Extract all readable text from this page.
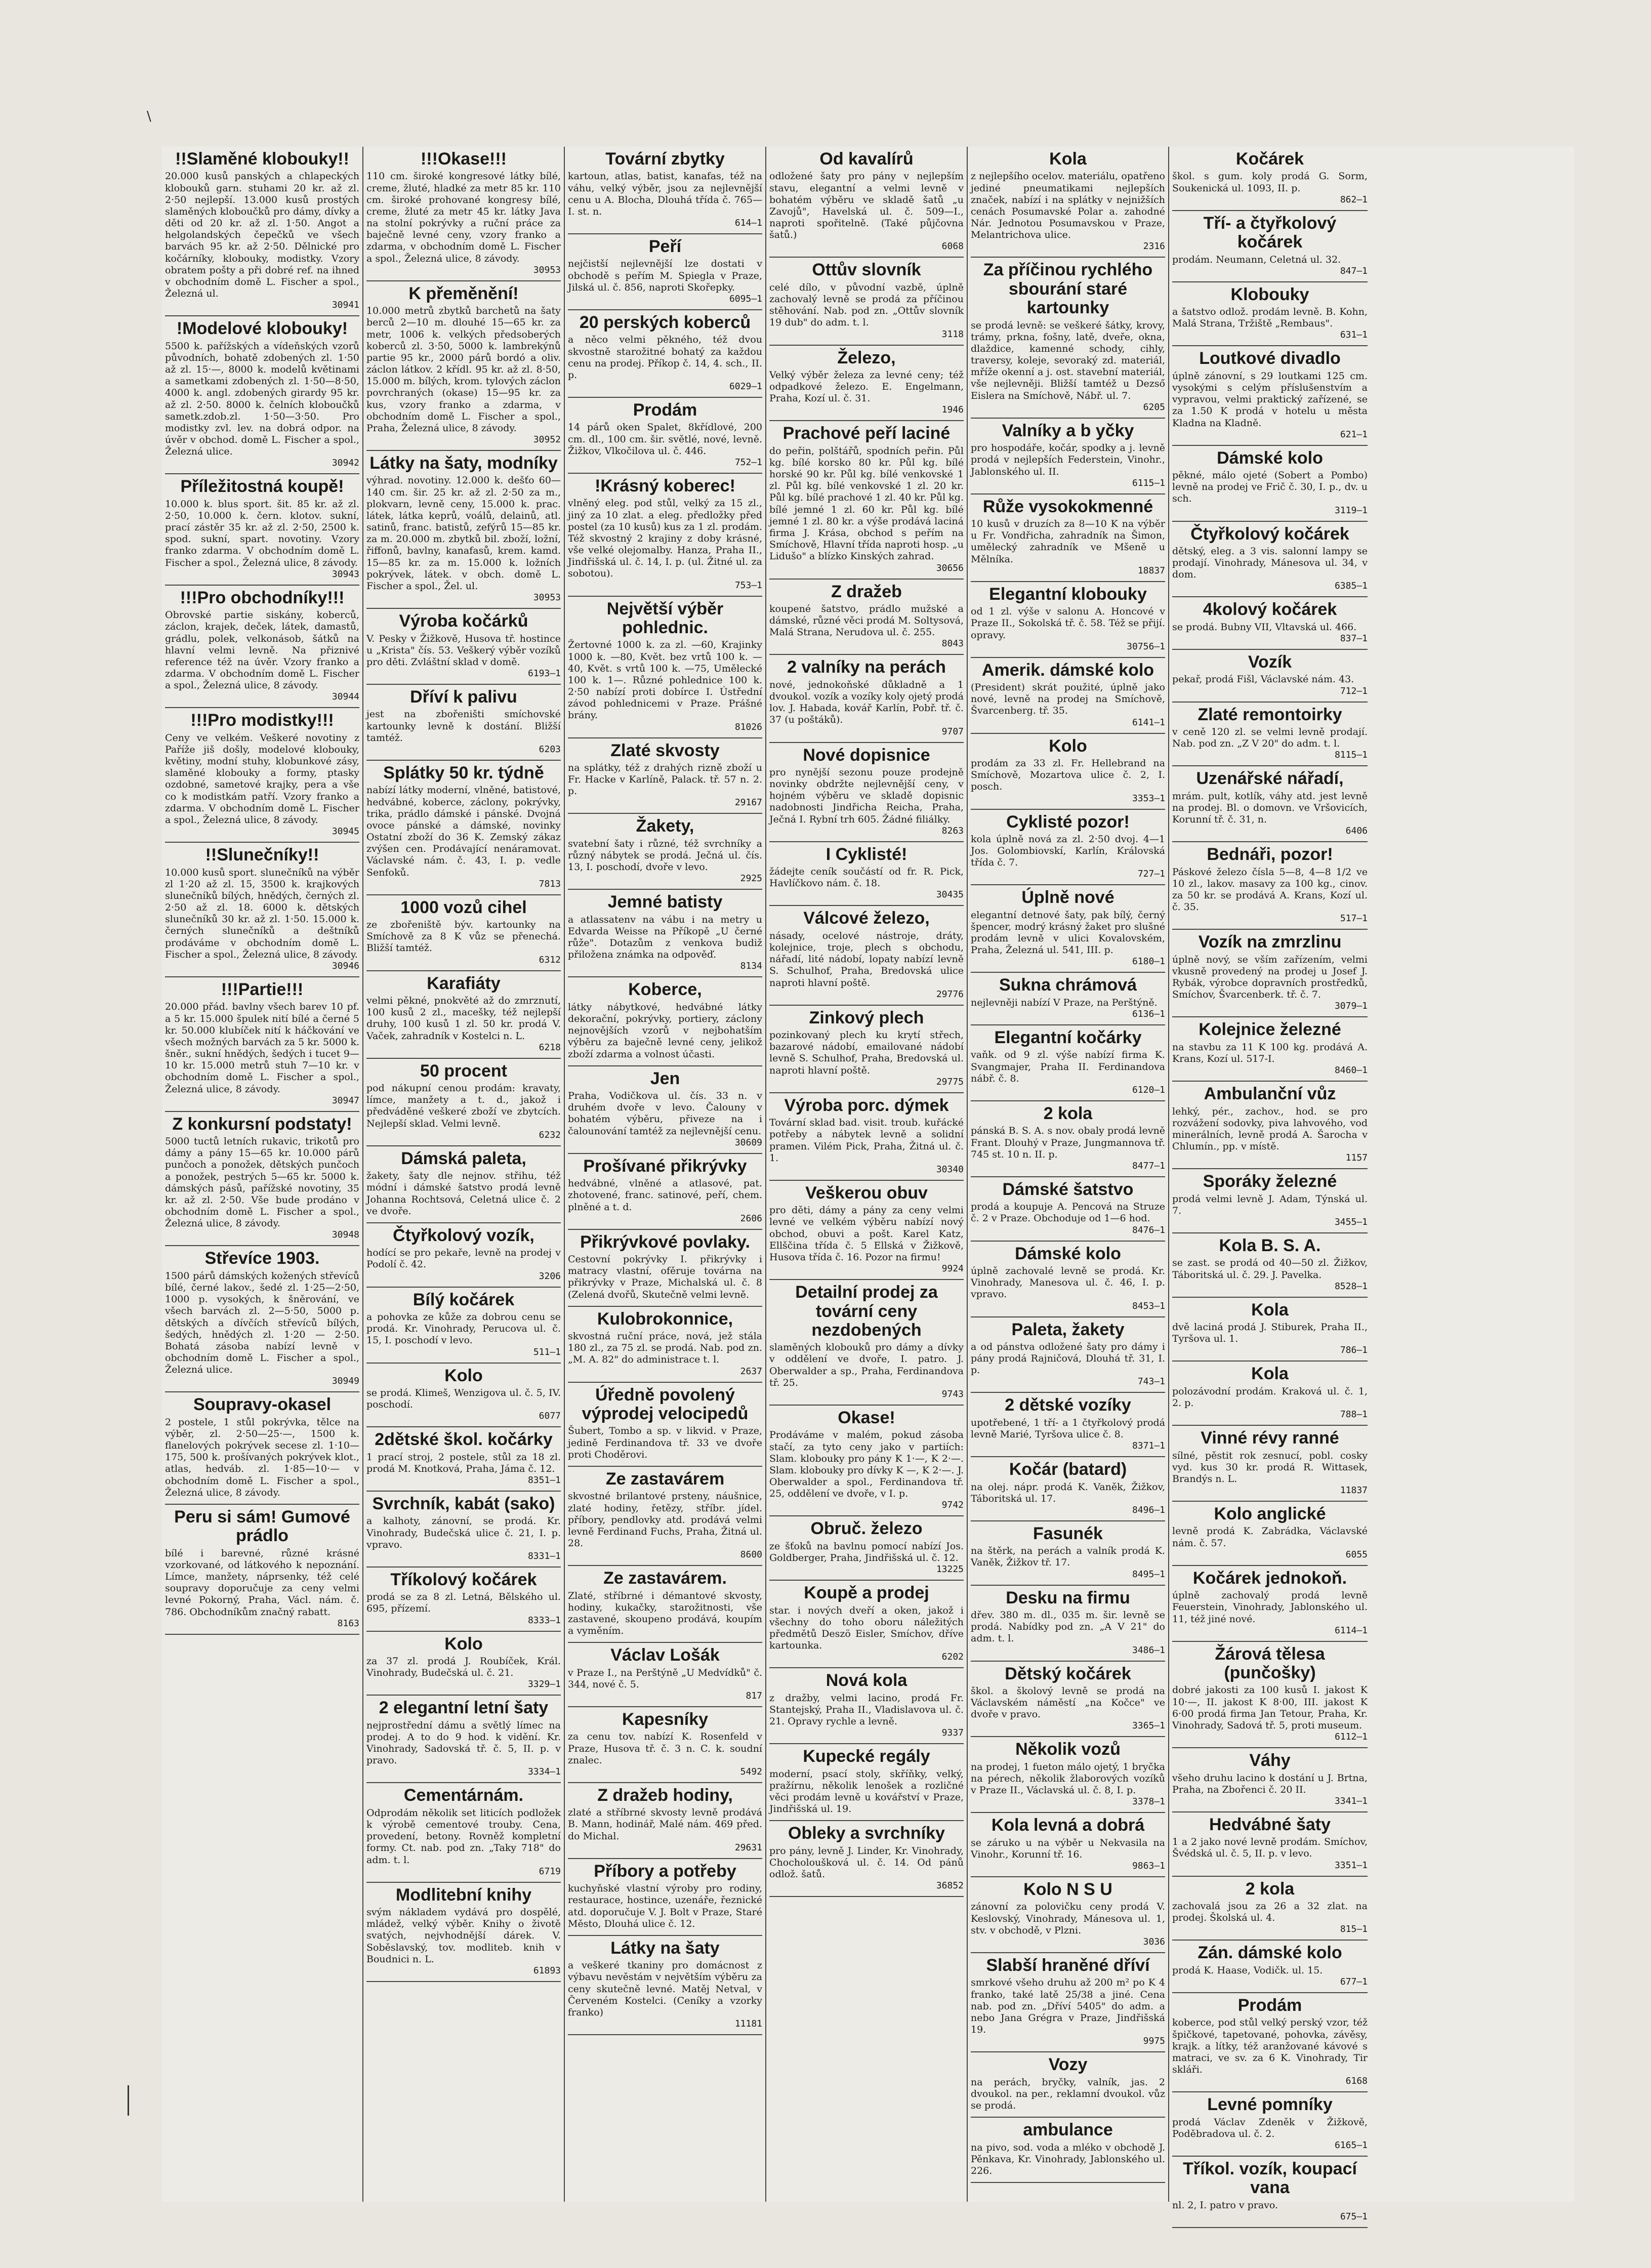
\
!!Slaměné klobouky!!

20.000 kusů panských a chlapeckých klobouků garn. stuhami 20 kr. až zl. 2·50 nejlepší. 13.000 kusů prostých slaměných kloboučků pro dámy, dívky a děti od 20 kr. až zl. 1·50. Angot a helgolandských čepečků ve všech barvách 95 kr. až 2·50. Dělnické pro kočárníky, klobouky, modistky. Vzory obratem pošty a při dobré ref. na ihned v obchodním domě L. Fischer a spol., Železná ul.

30941
!Modelové klobouky!

5500 k. pařížských a vídeňských vzorů původních, bohatě zdobených zl. 1·50 až zl. 15·—, 8000 k. modelů květinami a sametkami zdobených zl. 1·50—8·50, 4000 k. angl. zdobených girardy 95 kr. až zl. 2·50. 8000 k. čelních kloboučků sametk.zdob.zl. 1·50—3·50. Pro modistky zvl. lev. na dobrá odpor. na úvěr v obchod. domě L. Fischer a spol., Železná ulice.

30942
Příležitostná koupě!

10.000 k. blus sport. šit. 85 kr. až zl. 2·50, 10.000 k. čern. klotov. sukní, prací zástěr 35 kr. až zl. 2·50, 2500 k. spod. sukní, spart. novotiny. Vzory franko zdarma. V obchodním domě L. Fischer a spol., Železná ulice, 8 závody.

30943
!!!Pro obchodníky!!!

Obrovské partie siskány, koberců, záclon, krajek, deček, látek, damastů, grádlu, polek, velkonásob, šátků na hlavní velmi levně. Na přiznivé reference též na úvěr. Vzory franko a zdarma. V obchodním domě L. Fischer a spol., Železná ulice, 8 závody.

30944
!!!Pro modistky!!!

Ceny ve velkém. Veškeré novotiny z Paříže jiš došly, modelové klobouky, květiny, modní stuhy, klobunkové zásy, slaměné klobouky a formy, ptasky ozdobné, sametové krajky, pera a vše co k modistkám patří. Vzory franko a zdarma. V obchodním domě L. Fischer a spol., Železná ulice, 8 závody.

30945
!!Slunečníky!!

10.000 kusů sport. slunečníků na výběr zl 1·20 až zl. 15, 3500 k. krajkových slunečníků bílých, hnědých, černých zl. 2·50 až zl. 18. 6000 k. dětských slunečníků 30 kr. až zl. 1·50. 15.000 k. černých slunečníků a deštníků prodáváme v obchodním domě L. Fischer a spol., Železná ulice, 8 závody.

30946
!!!Partie!!!

20.000 přád. bavlny všech barev 10 pf. a 5 kr. 15.000 špulek nití bílé a černé 5 kr. 50.000 klubíček nití k háčkování ve všech možných barvách za 5 kr. 5000 k. šněr., sukní hnědých, šedých i tucet 9—10 kr. 15.000 metrů stuh 7—10 kr. v obchodním domě L. Fischer a spol., Železná ulice, 8 závody.

30947
Z konkursní podstaty!

5000 tuctů letních rukavic, trikotů pro dámy a pány 15—65 kr. 10.000 párů punčoch a ponožek, dětských punčoch a ponožek, pestrých 5—65 kr. 5000 k. dámských pásů, pařížské novotiny, 35 kr. až zl. 2·50. Vše bude prodáno v obchodním domě L. Fischer a spol., Železná ulice, 8 závody.

30948
Střevíce 1903.

1500 párů dámských kožených střevíců bílé, černé lakov., šedé zl. 1·25—2·50, 1000 p. vysokých, k šněrování, ve všech barvách zl. 2—5·50, 5000 p. dětských a dívčích střevíců bílých, šedých, hnědých zl. 1·20 — 2·50. Bohatá zásoba nabízí levně v obchodním domě L. Fischer a spol., Železná ulice.

30949
Soupravy-okasel

2 postele, 1 stůl pokrývka, tělce na výběr, zl. 2·50—25·—, 1500 k. flanelových pokrývek secese zl. 1·10—175, 500 k. prošívaných pokrývek klot., atlas, hedváb. zl. 1·85—10·— v obchodním domě L. Fischer a spol., Železná ulice, 8 závody.

Peru si sám! Gumové prádlo

bílé i barevné, různé krásné vzorkované, od látkového k nepoznání. Límce, manžety, náprsenky, též celé soupravy doporučuje za ceny velmi levné Pokorný, Praha, Václ. nám. č. 786. Obchodníkům značný rabatt.

8163
!!!Okase!!!

110 cm. široké kongresové látky bílé, creme, žluté, hladké za metr 85 kr. 110 cm. široké prohované kongresy bílé, creme, žluté za metr 45 kr. látky Java na stolní pokrývky a ruční práce za baječně levné ceny, vzory franko a zdarma, v obchodním domě L. Fischer a spol., Železná ulice, 8 závody.

30953
K přeměnění!

10.000 metrů zbytků barchetů na šaty berců 2—10 m. dlouhé 15—65 kr. za metr, 1006 k. velkých předsoberých koberců zl. 3·50, 5000 k. lambrekýnů partie 95 kr., 2000 párů bordó a oliv. záclon látkov. 2 křídl. 95 kr. až zl. 8·50, 15.000 m. bílých, krom. tylových záclon povrchraných (okase) 15—95 kr. za kus, vzory franko a zdarma, v obchodním domě L. Fischer a spol., Praha, Železná ulice, 8 závody.

30952
Látky na šaty, modníky

výhrad. novotiny. 12.000 k. dešťo 60—140 cm. šir. 25 kr. až zl. 2·50 za m., plokvarn, levně ceny, 15.000 k. prac. látek, látka keprů, voálů, delainů, atl. satinů, franc. batistů, zefýrů 15—85 kr. za m. 20.000 m. zbytků bil. zboží, ložní, řiffonů, bavlny, kanafasů, krem. kamd. 15—85 kr. za m. 15.000 k. ložních pokrývek, látek. v obch. domě L. Fischer a spol., Žel. ul.

30953
Výroba kočárků

V. Pesky v Žižkově, Husova tř. hostince u „Krista" čís. 53. Veškerý výběr vozíků pro děti. Zvláštní sklad v domě.

6193—1
Dříví k palivu

jest na zbořeništi smíchovské kartounky levně k dostání. Bližší tamtéž.

6203
Splátky 50 kr. týdně

nabízí látky moderní, vlněné, batistové, hedvábné, koberce, záclony, pokrývky, trika, prádlo dámské i pánské. Dvojná ovoce pánské a dámské, novinky Ostatní zboží do 36 K. Zemský zákaz zvýšen cen. Prodávající nenáramovat. Václavské nám. č. 43, I. p. vedle Senfoků.

7813
1000 vozů cihel

ze zbořeniště býv. kartounky na Smíchově za 8 K vůz se přenechá. Bližší tamtéž.

6312
Karafiáty

velmi pěkné, pnokvěté až do zmrznutí, 100 kusů 2 zl., macešky, též nejlepší druhy, 100 kusů 1 zl. 50 kr. prodá V. Vaček, zahradník v Kostelci n. L.

6218
50 procent

pod nákupní cenou prodám: kravaty, límce, manžety a t. d., jakož i předváděné veškeré zboží ve zbytcích. Nejlepší sklad. Velmi levně.

6232
Dámská paleta,

žakety, šaty dle nejnov. střihu, též módní i dámské šatstvo prodá levně Johanna Rochtsová, Celetná ulice č. 2 ve dvoře.

Čtyřkolový vozík,

hodící se pro pekaře, levně na prodej v Podolí č. 42.

3206
Bílý kočárek

a pohovka ze kůže za dobrou cenu se prodá. Kr. Vinohrady, Perucova ul. č. 15, I. poschodí v levo.

511—1
Kolo

se prodá. Klimeš, Wenzigova ul. č. 5, IV. poschodí.

6077
2dětské škol. kočárky

1 prací stroj, 2 postele, stůl za 18 zl. prodá M. Knotková, Praha, Jáma č. 12.

8351—1
Svrchník, kabát (sako)

a kalhoty, zánovní, se prodá. Kr. Vinohrady, Budečská ulice č. 21, I. p. vpravo.

8331—1
Tříkolový kočárek

prodá se za 8 zl. Letná, Bělského ul. 695, přízemí.

8333—1
Kolo

za 37 zl. prodá J. Roubíček, Král. Vinohrady, Budečská ul. č. 21.

3329—1
2 elegantní letní šaty

nejprostřední dámu a světlý límec na prodej. A to do 9 hod. k vidění. Kr. Vinohrady, Sadovská tř. č. 5, II. p. v pravo.

3334—1
Cementárnám.

Odprodám několik set liticích podložek k výrobě cementové trouby. Cena, provedení, betony. Rovněž kompletní formy. Ct. nab. pod zn. „Taky 718" do adm. t. l.

6719
Modlitební knihy

svým nákladem vydává pro dospělé, mládež, velký výběr. Knihy o životě svatých, nejvhodnější dárek. V. Soběslavský, tov. modliteb. knih v Boudnici n. L.

61893
Tovární zbytky

kartoun, atlas, batist, kanafas, též na váhu, velký výběr, jsou za nejlevnější cenu u A. Blocha, Dlouhá třída č. 765—I. st. n.

614—1
Peří

nejčistší nejlevnější lze dostati v obchodě s peřím M. Spiegla v Praze, Jilská ul. č. 856, naproti Skořepky.

6095—1
20 perských koberců

a něco velmi pěkného, též dvou skvostně starožitné bohatý za každou cenu na prodej. Příkop č. 14, 4. sch., II. p.

6029—1
Prodám

14 párů oken Spalet, 8křídlové, 200 cm. dl., 100 cm. šir. světlé, nové, levně. Žižkov, Vlkočilova ul. č. 446.

752—1
!Krásný koberec!

vlněný eleg. pod stůl, velký za 15 zl., jiný za 10 zlat. a eleg. předložky před postel (za 10 kusů) kus za 1 zl. prodám. Též skvostný 2 krajiny z doby krásné, vše velké olejomalby. Hanza, Praha II., Jindřišská ul. č. 14, I. p. (ul. Žitné ul. za sobotou).

753—1
Největší výběr pohlednic.

Žertovné 1000 k. za zl. —60, Krajinky 1000 k. —80, Květ. bez vrtů 100 k. —40, Květ. s vrtů 100 k. —75, Umělecké 100 k. 1—. Různé pohlednice 100 k. 2·50 nabízí proti dobírce I. Ústřední závod pohlednicemi v Praze. Prášné brány.

81026
Zlaté skvosty

na splátky, též z drahých rizně zboží u Fr. Hacke v Karlíně, Palack. tř. 57 n. 2. p.

29167
Žakety,

svatební šaty i různé, též svrchníky a různý nábytek se prodá. Ječná ul. čís. 13, I. poschodí, dvoře v levo.

2925
Jemné batisty

a atlassatenv na vábu i na metry u Edvarda Weisse na Příkopě „U černé růže". Dotazům z venkova budiž přiložena známka na odpověď.

8134
Koberce,

látky nábytkové, hedvábné látky dekorační, pokrývky, portiery, záclony nejnovějších vzorů v nejbohatším výběru za baječně levné ceny, jelikož zboží zdarma a volnost účasti.

Jen

Praha, Vodičkova ul. čís. 33 n. v druhém dvoře v levo. Čalouny v bohatém výběru, přiveze na i čalounování tamtéž za nejlevnější cenu.

30609
Prošívané přikrývky

hedvábné, vlněné a atlasové, pat. zhotovené, franc. satinové, peří, chem. plněné a t. d.

2606
Přikrývkové povlaky.

Cestovní pokrývky I. přikrývky i matracy vlastní, ofěruje továrna na přikrývky v Praze, Michalská ul. č. 8 (Zelená dvořů, Skutečně velmi levně.

Kulobrokonnice,

skvostná ruční práce, nová, jež stála 180 zl., za 75 zl. se prodá. Nab. pod zn. „M. A. 82" do administrace t. l.

2637
Úředně povolený výprodej velocipedů

Šubert, Tombo a sp. v likvid. v Praze, jedině Ferdinandova tř. 33 ve dvoře proti Choděrovi.

Ze zastavárem

skvostné brilantové prsteny, náušnice, zlaté hodiny, řetězy, stříbr. jídel. příbory, pendlovky atd. prodává velmi levně Ferdinand Fuchs, Praha, Žitná ul. 28.

8600
Ze zastavárem.

Zlaté, stříbrné i démantové skvosty, hodiny, kukačky, starožitnosti, vše zastavené, skoupeno prodává, koupím a vyměním.

Václav Lošák

v Praze I., na Perštýně „U Medvídků" č. 344, nové č. 5.

817
Kapesníky

za cenu tov. nabízí K. Rosenfeld v Praze, Husova tř. č. 3 n. C. k. soudní znalec.

5492
Z dražeb hodiny,

zlaté a stříbrné skvosty levně prodává B. Mann, hodinář, Malé nám. 469 před. do Michal.

29631
Příbory a potřeby

kuchyňské vlastní výroby pro rodiny, restaurace, hostince, uzenáře, řeznické atd. doporučuje V. J. Bolt v Praze, Staré Město, Dlouhá ulice č. 12.

Látky na šaty

a veškeré tkaniny pro domácnost z výbavu nevěstám v největším výběru za ceny skutečně levné. Matěj Netval, v Červeném Kostelci. (Ceníky a vzorky franko)

11181
Od kavalírů

odložené šaty pro pány v nejlepším stavu, elegantní a velmi levně v bohatém výběru ve skladě šatů „u Zavojů", Havelská ul. č. 509—I., naproti spořitelně. (Také půjčovna šatů.)

6068
Ottův slovník

celé dílo, v původní vazbě, úplně zachovalý levně se prodá za příčinou stěhování. Nab. pod zn. „Ottův slovník 19 dub" do adm. t. l.

3118
Železo,

Velký výběr železa za levné ceny; též odpadkové železo. E. Engelmann, Praha, Kozí ul. č. 31.

1946
Prachové peří laciné

do peřin, polštářů, spodních peřin. Půl kg. bílé korsko 80 kr. Půl kg. bílé horské 90 kr. Půl kg. bílé venkovské 1 zl. Půl kg. bílé venkovské 1 zl. 20 kr. Půl kg. bílé prachové 1 zl. 40 kr. Půl kg. bílé jemné 1 zl. 60 kr. Půl kg. bílé jemné 1 zl. 80 kr. a výše prodává laciná firma J. Krása, obchod s peřím na Smíchově, Hlavní třída naproti hosp. „u Lidušo" a blízko Kinských zahrad.

30656
Z dražeb

koupené šatstvo, prádlo mužské a dámské, různé věci prodá M. Soltysová, Malá Strana, Nerudova ul. č. 255.

8043
2 valníky na perách

nové, jednokoňské důkladně a 1 dvoukol. vozík a vozíky koly ojetý prodá lov. J. Habada, kovář Karlín, Pobř. tř. č. 37 (u poštáků).

9707
Nové dopisnice

pro nynější sezonu pouze prodejně novinky obdržte nejlevnější ceny, v hojném výběru ve skladě dopisnic nadobnosti Jindřicha Reicha, Praha, Ječná I. Rybní trh 605. Žádné filiálky.

8263
I Cyklisté!

žádejte ceník součástí od fr. R. Pick, Havlíčkovo nám. č. 18.

30435
Válcové železo,

násady, ocelové nástroje, dráty, kolejnice, troje, plech s obchodu, nářadí, lité nádobí, lopaty nabízí levně S. Schulhof, Praha, Bredovská ulice naproti hlavní poště.

29776
Zinkový plech

pozinkovaný plech ku krytí střech, bazarové nádobí, emailované nádobí levně S. Schulhof, Praha, Bredovská ul. naproti hlavní poště.

29775
Výroba porc. dýmek

Tovární sklad bad. visit. troub. kuřácké potřeby a nábytek levně a solidní pramen. Vilém Pick, Praha, Žitná ul. č. 1.

30340
Veškerou obuv

pro děti, dámy a pány za ceny velmi levné ve velkém výběru nabízí nový obchod, obuvi a pošt. Karel Katz, Ellščina třída č. 5 Ellská v Žižkově, Husova třída č. 16. Pozor na firmu!

9924
Detailní prodej za tovární ceny nezdobených

slaměných klobouků pro dámy a dívky v oddělení ve dvoře, I. patro. J. Oberwalder a sp., Praha, Ferdinandova tř. 25.

9743
Okase!

Prodáváme v malém, pokud zásoba stačí, za tyto ceny jako v partiích: Slam. klobouky pro pány K 1·—, K 2·—. Slam. klobouky pro dívky K —, K 2·—. J. Oberwalder a spol., Ferdinandova tř. 25, oddělení ve dvoře, v I. p.

9742
Obruč. železo

ze šťoků na bavlnu pomocí nabízí Jos. Goldberger, Praha, Jindřišská ul. č. 12.

13225
Koupě a prodej

star. i nových dveří a oken, jakož i všechny do toho oboru náležitých předmětů Deszö Eisler, Smíchov, dříve kartounka.

6202
Nová kola

z dražby, velmi lacino, prodá Fr. Stantejský, Praha II., Vladislavova ul. č. 21. Opravy rychle a levně.

9337
Kupecké regály

moderní, psací stoly, skříňky, velký, pražírnu, několik lenošek a rozličné věci prodám levně u kovářství v Praze, Jindřišská ul. 19.

Obleky a svrchníky

pro pány, levně J. Linder, Kr. Vinohrady, Chocholoušková ul. č. 14. Od pánů odlož. šatů.

36852
Kola

z nejlepšího ocelov. materiálu, opatřeno jediné pneumatikami nejlepších značek, nabízí i na splátky v nejnižších cenách Posumavské Polar a. zahodné Nár. Jednotou Posumavskou v Praze, Melantrichova ulice.

2316
Za příčinou rychlého sbourání staré kartounky

se prodá levně: se veškeré šátky, krovy, trámy, prkna, fošny, latě, dveře, okna, dlaždice, kamenné schody, cihly, traversy, koleje, sevoraký zd. materiál, mříže okenní a j. ost. stavební materiál, vše nejlevněji. Bližší tamtéž u Dezső Eislera na Smíchově, Nábř. ul. 7.

6205
Valníky a b yčky

pro hospodáře, kočár, spodky a j. levně prodá v nejlepších Federstein, Vinohr., Jablonského ul. II.

6115—1
Růže vysokokmenné

10 kusů v druzích za 8—10 K na výběr u Fr. Vondřicha, zahradník na Šimon, umělecký zahradník ve Mšeně u Mělníka.

18837
Elegantní klobouky

od 1 zl. výše v salonu A. Honcové v Praze II., Sokolská tř. č. 58. Též se přijí. opravy.

30756—1
Amerik. dámské kolo

(President) skrát použité, úplně jako nové, levně na prodej na Smíchově, Švarcenberg. tř. 35.

6141—1
Kolo

prodám za 33 zl. Fr. Hellebrand na Smíchově, Mozartova ulice č. 2, I. posch.

3353—1
Cyklisté pozor!

kola úplně nová za zl. 2·50 dvoj. 4—1 Jos. Golombiovskí, Karlín, Královská třída č. 7.

727—1
Úplně nové

elegantní detnové šaty, pak bílý, černý špencer, modrý krásný žaket pro slušné prodám levně v ulici Kovalovském, Praha, Železná ul. 541, III. p.

6180—1
Sukna chrámová

nejlevněji nabízí V Praze, na Perštýně.

6136—1
Elegantní kočárky

vaňk. od 9 zl. výše nabízí firma K. Svangmajer, Praha II. Ferdinandova nábř. č. 8.

6120—1
2 kola

pánská B. S. A. s nov. obaly prodá levně Frant. Dlouhý v Praze, Jungmannova tř. 745 st. 10 n. II. p.

8477—1
Dámské šatstvo

prodá a koupuje A. Pencová na Struze č. 2 v Praze. Obchoduje od 1—6 hod.

8476—1
Dámské kolo

úplně zachovalé levně se prodá. Kr. Vinohrady, Manesova ul. č. 46, I. p. vpravo.

8453—1
Paleta, žakety

a od pánstva odložené šaty pro dámy i pány prodá Rajničová, Dlouhá tř. 31, I. p.

743—1
2 dětské vozíky

upotřebené, 1 tří- a 1 čtyřkolový prodá levně Marié, Tyršova ulice č. 8.

8371—1
Kočár (batard)

na olej. nápr. prodá K. Vaněk, Žižkov, Táboritská ul. 17.

8496—1
Fasunék

na štěrk, na perách a valník prodá K. Vaněk, Žižkov tř. 17.

8495—1
Desku na firmu

dřev. 380 m. dl., 035 m. šir. levně se prodá. Nabídky pod zn. „A V 21" do adm. t. l.

3486—1
Dětský kočárek

škol. a školový levně se prodá na Václavském náměstí „na Kočce" ve dvoře v pravo.

3365—1
Několik vozů

na prodej, 1 fueton málo ojetý, 1 bryčka na pérech, několik žlaborových vozíků v Praze II., Václavská ul. č. 8, I. p.

3378—1
Kola levná a dobrá

se záruko u na výběr u Nekvasila na Vinohr., Korunní tř. 16.

9863—1
Kolo N S U

zánovní za polovičku ceny prodá V. Keslovský, Vinohrady, Mánesova ul. 1, stv. v obchodě, v Plzni.

3036
Slabší hraněné dříví

smrkové všeho druhu až 200 m² po K 4 franko, také latě 25/38 a jiné. Cena nab. pod zn. „Dříví 5405" do adm. a nebo Jana Grégra v Praze, Jindřišská 19.

9975
Vozy

na perách, bryčky, valník, jas. 2 dvoukol. na per., reklamní dvoukol. vůz se prodá.

ambulance

na pivo, sod. voda a mléko v obchodě J. Pěnkava, Kr. Vinohrady, Jablonského ul. 226.

Kočárek

škol. s gum. koly prodá G. Sorm, Soukenická ul. 1093, II. p.

862—1
Tří- a čtyřkolový kočárek

prodám. Neumann, Celetná ul. 32.

847—1
Klobouky

a šatstvo odlož. prodám levně. B. Kohn, Malá Strana, Tržiště „Rembaus".

631—1
Loutkové divadlo

úplně zánovní, s 29 loutkami 125 cm. vysokými s celým příslušenstvím a vypravou, velmi praktický zařízené, se za 1.50 K prodá v hotelu u města Kladna na Kladně.

621—1
Dámské kolo

pěkné, málo ojeté (Sobert a Pombo) levně na prodej ve Frič č. 30, I. p., dv. u sch.

3119—1
Čtyřkolový kočárek

dětský, eleg. a 3 vis. salonní lampy se prodají. Vinohrady, Mánesova ul. 34, v dom.

6385—1
4kolový kočárek

se prodá. Bubny VII, Vltavská ul. 466.

837—1
Vozík

pekař, prodá Fišl, Václavské nám. 43.

712—1
Zlaté remontoirky

v ceně 120 zl. se velmi levně prodají. Nab. pod zn. „Z V 20" do adm. t. l.

8115—1
Uzenářské nářadí,

mrám. pult, kotlík, váhy atd. jest levně na prodej. Bl. o domovn. ve Vršovicích, Korunní tř. č. 31, n.

6406
Bednáři, pozor!

Páskové železo čísla 5—8, 4—8 1/2 ve 10 zl., lakov. masavy za 100 kg., cinov. za 50 kr. se prodává A. Krans, Kozí ul. č. 35.

517—1
Vozík na zmrzlinu

úplně nový, se vším zařízením, velmi vkusně provedený na prodej u Josef J. Rybák, výrobce dopravních prostředků, Smíchov, Švarcenberk. tř. č. 7.

3079—1
Kolejnice železné

na stavbu za 11 K 100 kg. prodává A. Krans, Kozí ul. 517-I.

8460—1
Ambulanční vůz

lehký, pér., zachov., hod. se pro rozvážení sodovky, piva lahvového, vod minerálních, levně prodá A. Šarocha v Chlumín., pp. v místě.

1157
Sporáky železné

prodá velmi levně J. Adam, Týnská ul. 7.

3455—1
Kola B. S. A.

se zast. se prodá od 40—50 zl. Žižkov, Táboritská ul. č. 29. J. Pavelka.

8528—1
Kola

dvě laciná prodá J. Stiburek, Praha II., Tyršova ul. 1.

786—1
Kola

polozávodní prodám. Kraková ul. č. 1, 2. p.

788—1
Vinné révy ranné

sílné, pěstit rok zesnucí, pobl. cosky vyd. kus 30 kr. prodá R. Wittasek, Brandýs n. L.

11837
Kolo anglické

levně prodá K. Zabrádka, Václavské nám. č. 57.

6055
Kočárek jednokoň.

úplně zachovalý prodá levně Feuerstein, Vinohrady, Jablonského ul. 11, též jiné nové.

6114—1
Žárová tělesa (punčošky)

dobré jakosti za 100 kusů I. jakost K 10·—, II. jakost K 8·00, III. jakost K 6·00 prodá firma Jan Tetour, Praha, Kr. Vinohrady, Sadová tř. 5, proti museum.

6112—1
Váhy

všeho druhu lacino k dostání u J. Brtna, Praha, na Zbořenci č. 20 II.

3341—1
Hedvábné šaty

1 a 2 jako nové levně prodám. Smíchov, Švédská ul. č. 5, II. p. v levo.

3351—1
2 kola

zachovalá jsou za 26 a 32 zlat. na prodej. Školská ul. 4.

815—1
Zán. dámské kolo

prodá K. Haase, Vodičk. ul. 15.

677—1
Prodám

koberce, pod stůl velký perský vzor, též špičkové, tapetované, pohovka, závěsy, krajk. a lítky, též aranžované kávové s matraci, ve sv. za 6 K. Vinohrady, Tir skláři.

6168
Levné pomníky

prodá Václav Zdeněk v Žižkově, Poděbradova ul. č. 2.

6165—1
Tříkol. vozík, koupací vana

nl. 2, I. patro v pravo.

675—1
